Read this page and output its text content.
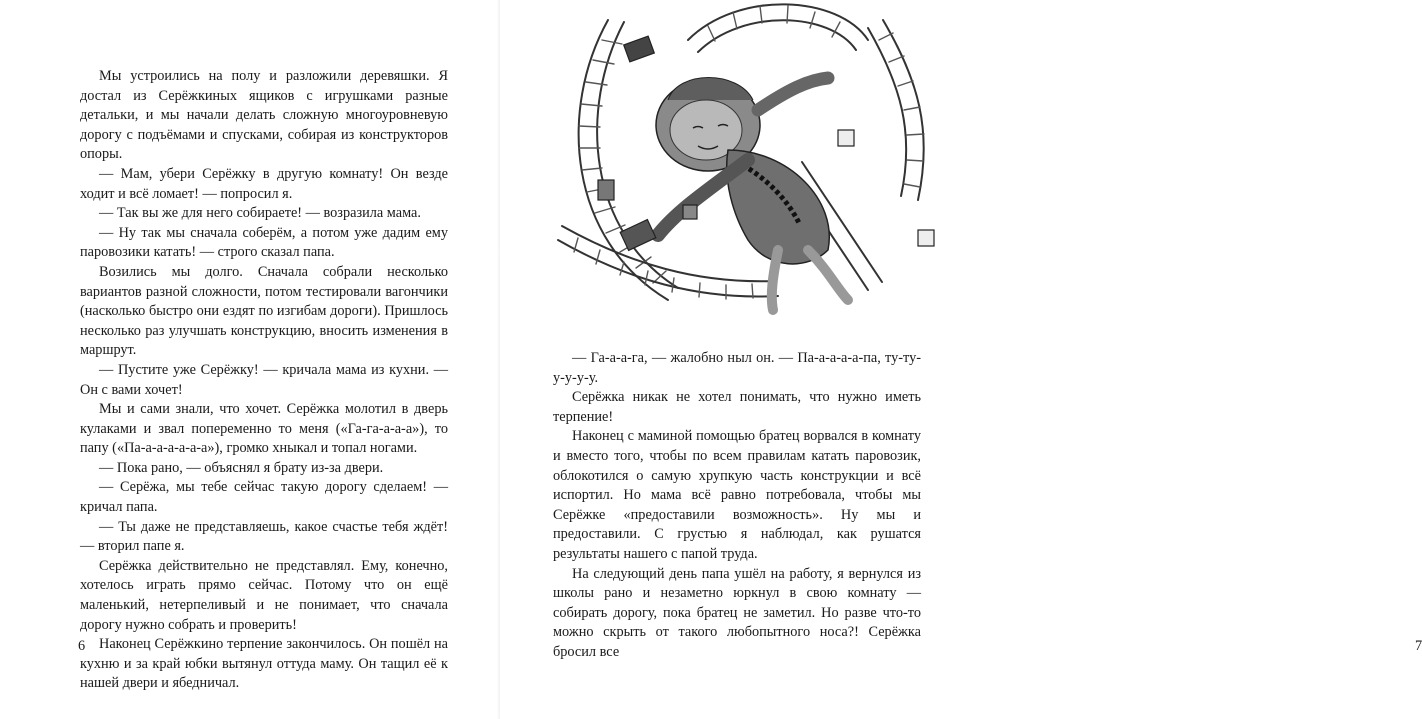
Мы устроились на полу и разложили деревяшки. Я достал из Серёжкиных ящиков с игрушками разные детальки, и мы начали делать сложную многоуровневую дорогу с подъёмами и спусками, собирая из конструкторов опоры.

— Мам, убери Серёжку в другую комнату! Он везде ходит и всё ломает! — попросил я.

— Так вы же для него собираете! — возразила мама.

— Ну так мы сначала соберём, а потом уже дадим ему паровозики катать! — строго сказал папа.

Возились мы долго. Сначала собрали несколько вариантов разной сложности, потом тестировали вагончики (насколько быстро они ездят по изгибам дороги). Пришлось несколько раз улучшать конструкцию, вносить изменения в маршрут.

— Пустите уже Серёжку! — кричала мама из кухни. — Он с вами хочет!

Мы и сами знали, что хочет. Серёжка молотил в дверь кулаками и звал попеременно то меня («Га-га-а-а-а»), то папу («Па-а-а-а-а-а-а»), громко хныкал и топал ногами.

— Пока рано, — объяснял я брату из-за двери.

— Серёжа, мы тебе сейчас такую дорогу сделаем! — кричал папа.

— Ты даже не представляешь, какое счастье тебя ждёт! — вторил папе я.

Серёжка действительно не представлял. Ему, конечно, хотелось играть прямо сейчас. Потому что он ещё маленький, нетерпеливый и не понимает, что сначала дорогу нужно собрать и проверить!

Наконец Серёжкино терпение закончилось. Он пошёл на кухню и за край юбки вытянул оттуда маму. Он тащил её к нашей двери и ябедничал.

6	7

— Га-а-а-га, — жалобно ныл он. — Па-а-а-а-а-па, ту-ту-у-у-у-у.

Серёжка никак не хотел понимать, что нужно иметь терпение!

Наконец с маминой помощью братец ворвался в комнату и вместо того, чтобы по всем правилам катать паровозик, облокотился о самую хрупкую часть конструкции и всё испортил. Но мама всё равно потребовала, чтобы мы Серёжке «предоставили возможность». Ну мы и предоставили. С грустью я наблюдал, как рушатся результаты нашего с папой труда.

На следующий день папа ушёл на работу, я вернулся из школы рано и незаметно юркнул в свою комнату — собирать дорогу, пока братец не заметил. Но разве что-то можно скрыть от такого любопытного носа?! Серёжка бросил все
